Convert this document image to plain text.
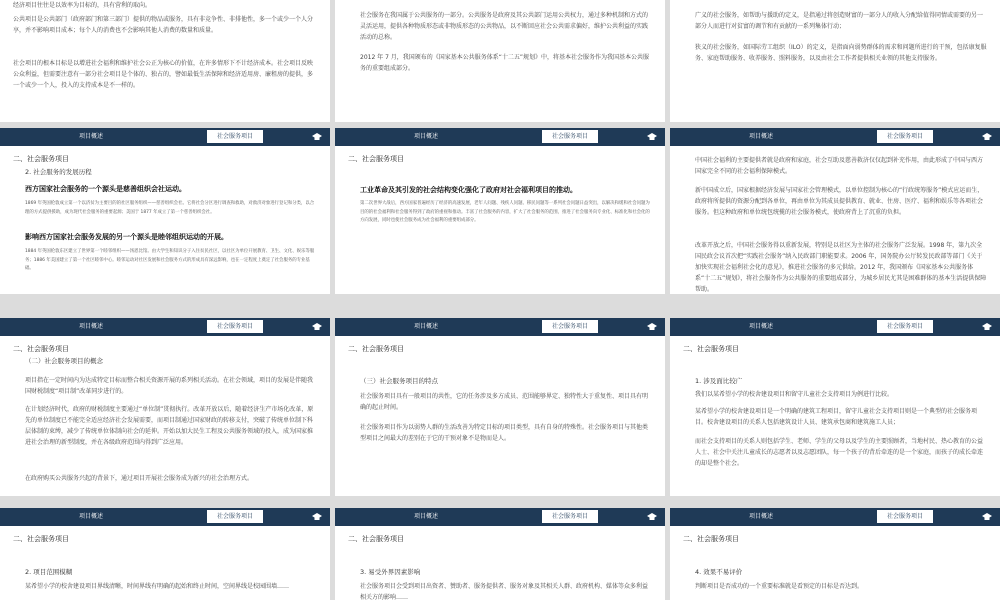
经济项目往往是以效率为目标的，具有营利的取向。
公共项目是公共部门（政府部门和第三部门）提供的物品或服务，具有非竞争性、非排他性，多一个或少一个人分享，并不影响项目成本；每个人的消费也不会影响其他人消费的数量和质量。
社会项目的根本目标是以增进社会福利和维护社会公正为核心的价值，在许多情形下不计经济成本。社会项目反映公众利益，但需要注意有一部分社会项目是个体的、独占的，譬如最低生活保障和经济适用房、廉租房的提供，多一个或少一个人，投入的支持成本是不一样的。
社会服务在我国属于公共服务的一部分。公共服务是政府及其公共部门运用公共权力，通过多种机制和方式的灵活运用，提供各种物质形态或非物质形态的公共物品，以不断回应社会公共需求偏好，维护公共利益的实践活动的总称。
2012 年 7 月，我国颁布的《国家基本公共服务体系“十二五”规划》中，将基本社会服务作为我国基本公共服务的重要组成部分。
广义的社会服务，如帮助与援助的定义，是指通过将创造财富的一部分人的收入分配给值得同情或需要的另一部分人而进行对贫富的调节和有贡献的一系列集体行动；
狭义的社会服务，如国际劳工组织（ILO）的定义，是指面向弱势群体的需求和问题所进行的干预，包括康复服务、家庭帮助服务、收养服务、照料服务，以及由社会工作者提供相关业领的其他支持服务。
项目概述	社会服务项目
二、社会服务项目
2. 社会服务的发展历程
西方国家社会服务的一个源头是慈善组织会社运动。
1869 年英国伦敦成立第一个以济贫为主要目的的社区服务组织——慈善组织会社。它将社会分区进行调查和救助，对救济对象进行登记和分类，以合理的方式提供援助，成为现代社会服务的重要起源；美国于 1877 年成立了第一个慈善组织会社。
影响西方国家社会服务发展的另一个源头是睦邻组织运动的开展。
1884 年英国伦敦东区建立了世界第一个睦邻组织——汤恩比馆。由大学生和知识分子入住贫民社区，以社区为单位开展教育、卫生、文化、娱乐等服务；1886 年美国建立了第一个社区睦邻中心。睦邻运动对社区发展和社会服务方式的形成具有深远影响，也在一定程度上奠定了社会服务的专业基础。
项目概述	社会服务项目
二、社会服务项目
工业革命及其引发的社会结构变化强化了政府对社会福利项目的推动。
第二次世界大战后，西方国家普遍经历了经济的高速发展，老年人问题、残疾人问题、移民问题等一系列社会问题日益突出，以解决和缓和社会问题为目的的社会福利和社会服务得到了政府的重视和推动。丰富了社会服务的内容，扩大了社会服务的范围，推进了社会服务向专业化、标准化和社会化的方向发展，同时也使社会服务成为社会福利的重要组成部分。
项目概述	社会服务项目
中国社会福利的主要提供者就是政府和家庭，社会互助及慈善救济仅仅起到补充作用，由此形成了中国与西方国家完全不同的社会福利保障模式。
新中国成立后，国家根据经济发展与国家社会管理模式，以单位控制为核心的“行政统筹服务”模式应运而生，政府将所提供的资源分配到各单位，再由单位为其成员提供教育、就业、住房、医疗、福利和娱乐等各项社会服务。但这种政府和单位统包统揽的社会服务模式，使政府背上了沉重的负担。
改革开放之后，中国社会服务得以重新发展，特别是以社区为主体的社会服务广泛发展。1998 年，第九次全国民政会议首次把“实践社会服务”纳入民政部门职能要求。2006 年，国务院办公厅转发民政部等部门《关于加快实现社会福利社会化的意见》，推进社会服务的多元供给。2012 年，我国颁布《国家基本公共服务体系“十二五”规划》，将社会服务作为公共服务的重要组成部分，为城乡居民尤其是困难群体的基本生活提供保障帮助。
项目概述	社会服务项目
二、社会服务项目
（二）社会服务项目的概念
项目指在一定时间内为达成特定目标而整合相关资源开展的系列相关活动。在社会领域，项目的发展是伴随我国财税制度“项目制”改革同步进行的。
在计划经济时代，政府的财税制度主要通过“单位制”贯彻执行。改革开放以后，随着经济生产市场化改革，原先的单位制度已不能完全适应经济社会发展需要，而项目制通过国家财政的转移支付，突破了传统单位制下科层体制的束缚，减少了传统单位体制向社会的延伸。开始以加大民生工程及公共服务领域的投入，成为国家推进社会治理的新型制度，并在各级政府范围内得到广泛应用。
在政府购买公共服务兴起的背景下，通过项目开展社会服务成为新兴的社会治理方式。
项目概述	社会服务项目
二、社会服务项目
（三）社会服务项目的特点
社会服务项目具有一般项目的共性，它的任务涉及多方成员、范围能够界定、独特性大于重复性、项目具有明确的起止时间。
社会服务项目作为以弱势人群的生活改善为特定目标的项目类型，具有自身的特殊性。社会服务项目与其他类型项目之间最大的差别在于它的干预对象不是物而是人。
项目概述	社会服务项目
二、社会服务项目
1. 涉及面比较广
我们以某希望小学的校舍建设项目和留守儿童社会支持项目为例进行比较。
某希望小学的校舍建设项目是一个明确的建筑工程项目，留守儿童社会支持项目则是一个典型的社会服务项目。校舍建设项目的关系人包括建筑设计人员、建筑承包商和建筑施工人员；
而社会支持项目的关系人则包括学生、老师、学生的父母以及学生的主要照顾者，当地村民、热心教育的公益人士、社会中关注儿童成长的志愿者以及志愿团队，每一个孩子的背后牵连的是一个家庭，而孩子的成长牵连的却是整个社会。
项目概述	社会服务项目
二、社会服务项目
2. 项目范围模糊
某希望小学的校舍建设项目界线清晰，时间界线有明确的起始和终止时间，空间界线是校园围墙……
项目概述	社会服务项目
二、社会服务项目
3. 易受外界因素影响
社会服务项目会受到项目出资者、赞助者、服务提供者、服务对象及其相关人群、政府机构、媒体等众多利益相关方的影响……
项目概述	社会服务项目
二、社会服务项目
4. 效果不易评价
判断项目是否成功的一个重要标准就是看预定的目标是否达到。
